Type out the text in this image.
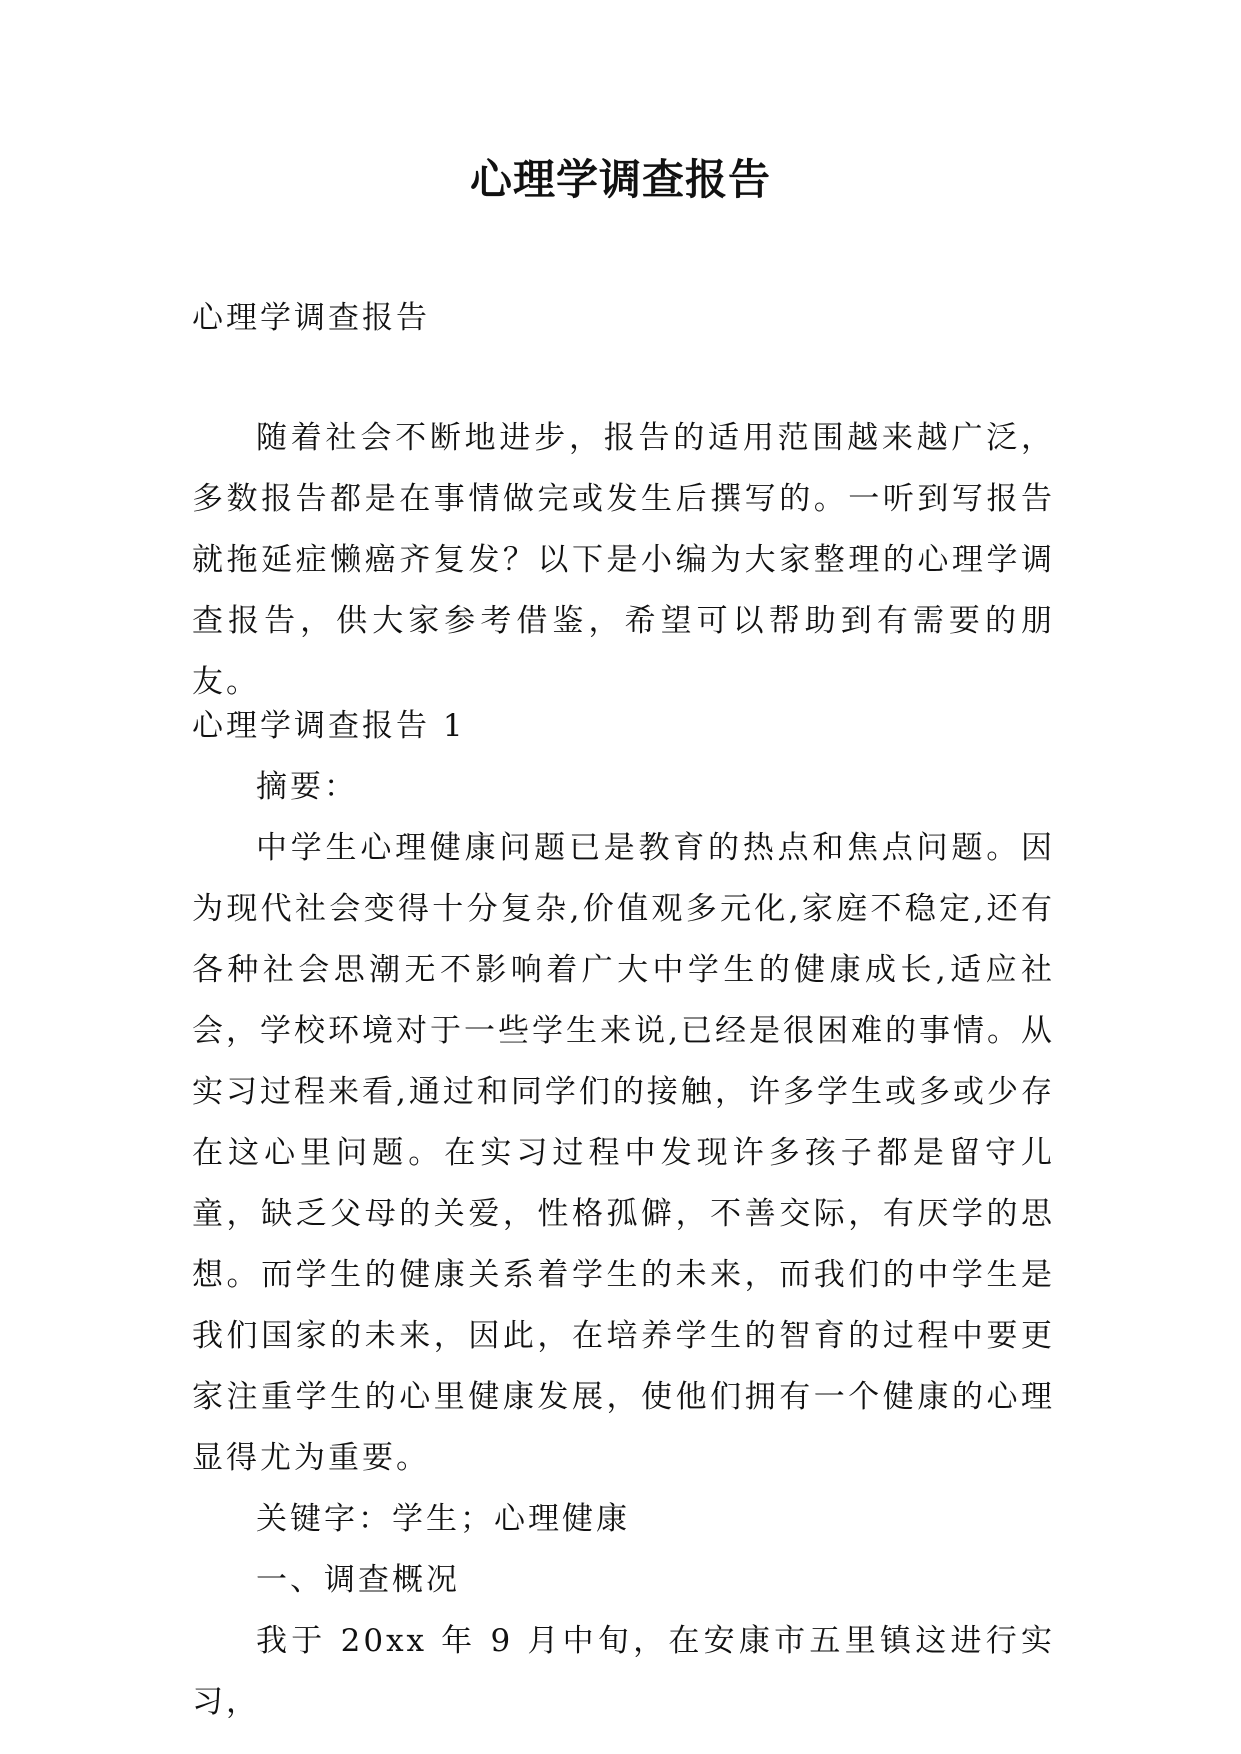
心理学调查报告

心理学调查报告

随着社会不断地进步，报告的适用范围越来越广泛，多数报告都是在事情做完或发生后撰写的。一听到写报告就拖延症懒癌齐复发？以下是小编为大家整理的心理学调查报告，供大家参考借鉴，希望可以帮助到有需要的朋友。

心理学调查报告 1

摘要：

中学生心理健康问题已是教育的热点和焦点问题。因为现代社会变得十分复杂,价值观多元化,家庭不稳定,还有各种社会思潮无不影响着广大中学生的健康成长,适应社会，学校环境对于一些学生来说,已经是很困难的事情。从实习过程来看,通过和同学们的接触，许多学生或多或少存在这心里问题。在实习过程中发现许多孩子都是留守儿童，缺乏父母的关爱，性格孤僻，不善交际，有厌学的思想。而学生的健康关系着学生的未来，而我们的中学生是我们国家的未来，因此，在培养学生的智育的过程中要更家注重学生的心里健康发展，使他们拥有一个健康的心理显得尤为重要。

关键字：学生；心理健康

一、调查概况

我于 20xx 年 9 月中旬，在安康市五里镇这进行实习，
